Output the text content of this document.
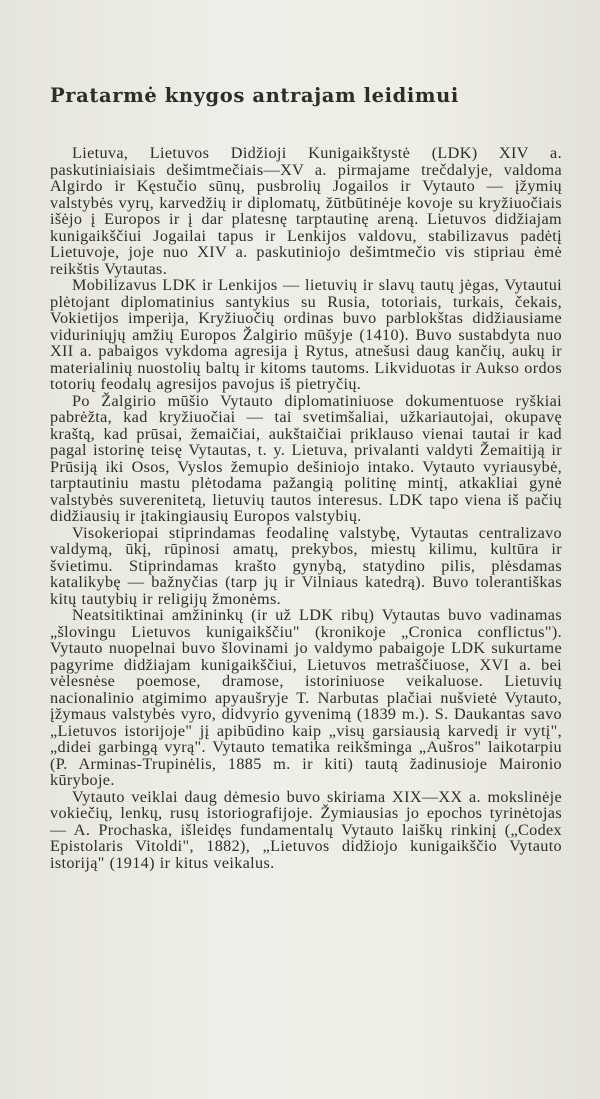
Pratarmė knygos antrajam leidimui

Lietuva, Lietuvos Didžioji Kunigaikštystė (LDK) XIV a. paskutiniaisiais dešimtmečiais—XV a. pirmajame trečdalyje, valdoma Algirdo ir Kęstučio sūnų, pusbrolių Jogailos ir Vytauto — įžymių valstybės vyrų, karvedžių ir diplomatų, žūtbūtinėje kovoje su kryžiuočiais išėjo į Europos ir į dar platesnę tarptautinę areną. Lietuvos didžiajam kunigaikščiui Jogailai tapus ir Lenkijos valdovu, stabilizavus padėtį Lietuvoje, joje nuo XIV a. paskutiniojo dešimtmečio vis stipriau ėmė reikštis Vytautas.

Mobilizavus LDK ir Lenkijos — lietuvių ir slavų tautų jėgas, Vytautui plėtojant diplomatinius santykius su Rusia, totoriais, turkais, čekais, Vokietijos imperija, Kryžiuočių ordinas buvo parblokštas didžiausiame viduriniųjų amžių Europos Žalgirio mūšyje (1410). Buvo sustabdyta nuo XII a. pabaigos vykdoma agresija į Rytus, atnešusi daug kančių, aukų ir materialinių nuostolių baltų ir kitoms tautoms. Likviduotas ir Aukso ordos totorių feodalų agresijos pavojus iš pietryčių.

Po Žalgirio mūšio Vytauto diplomatiniuose dokumentuose ryškiai pabrėžta, kad kryžiuočiai — tai svetimšaliai, užkariautojai, okupavę kraštą, kad prūsai, žemaičiai, aukštaičiai priklauso vienai tautai ir kad pagal istorinę teisę Vytautas, t. y. Lietuva, privalanti valdyti Žemaitiją ir Prūsiją iki Osos, Vyslos žemupio dešiniojo intako. Vytauto vyriausybė, tarptautiniu mastu plėtodama pažangią politinę mintį, atkakliai gynė valstybės suverenitetą, lietuvių tautos interesus. LDK tapo viena iš pačių didžiausių ir įtakingiausių Europos valstybių.

Visokeriopai stiprindamas feodalinę valstybę, Vytautas centralizavo valdymą, ūkį, rūpinosi amatų, prekybos, miestų kilimu, kultūra ir švietimu. Stiprindamas krašto gynybą, statydino pilis, plėsdamas katalikybę — bažnyčias (tarp jų ir Vilniaus katedrą). Buvo tolerantiškas kitų tautybių ir religijų žmonėms.

Neatsitiktinai amžininkų (ir už LDK ribų) Vytautas buvo vadinamas „šlovingu Lietuvos kunigaikščiu" (kronikoje „Cronica conflictus"). Vytauto nuopelnai buvo šlovinami jo valdymo pabaigoje LDK sukurtame pagyrime didžiajam kunigaikščiui, Lietuvos metraščiuose, XVI a. bei vėlesnėse poemose, dramose, istoriniuose veikaluose. Lietuvių nacionalinio atgimimo apyaušryje T. Narbutas plačiai nušvietė Vytauto, įžymaus valstybės vyro, didvyrio gyvenimą (1839 m.). S. Daukantas savo „Lietuvos istorijoje" jį apibūdino kaip „visų garsiausią karvedį ir vytį", „didei garbingą vyrą". Vytauto tematika reikšminga „Aušros" laikotarpiu (P. Arminas-Trupinėlis, 1885 m. ir kiti) tautą žadinusioje Maironio kūryboje.

Vytauto veiklai daug dėmesio buvo skiriama XIX—XX a. mokslinėje vokiečių, lenkų, rusų istoriografijoje. Žymiausias jo epochos tyrinėtojas — A. Prochaska, išleidęs fundamentalų Vytauto laiškų rinkinį („Codex Epistolaris Vitoldi", 1882), „Lietuvos didžiojo kunigaikščio Vytauto istoriją" (1914) ir kitus veikalus.
